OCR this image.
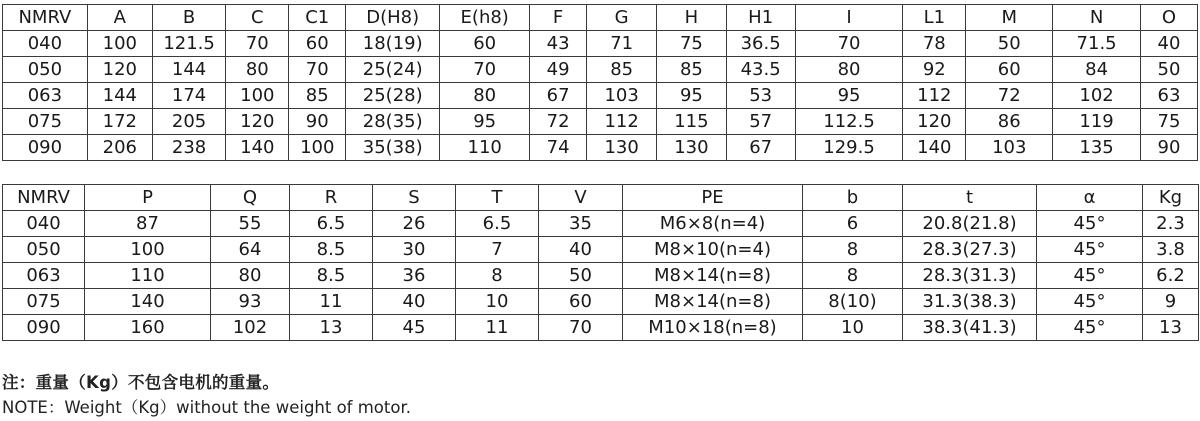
NMRV	A	B	C	C1	D(H8)	E(h8)	F	G	H	H1	I	L1	M	N	O
040	100	121.5	70	60	18(19)	60	43	71	75	36.5	70	78	50	71.5	40
050	120	144	80	70	25(24)	70	49	85	85	43.5	80	92	60	84	50
063	144	174	100	85	25(28)	80	67	103	95	53	95	112	72	102	63
075	172	205	120	90	28(35)	95	72	112	115	57	112.5	120	86	119	75
090	206	238	140	100	35(38)	110	74	130	130	67	129.5	140	103	135	90
NMRV	P	Q	R	S	T	V	PE	b	t	α	Kg
040	87	55	6.5	26	6.5	35	M6×8(n=4)	6	20.8(21.8)	45°	2.3
050	100	64	8.5	30	7	40	M8×10(n=4)	8	28.3(27.3)	45°	3.8
063	110	80	8.5	36	8	50	M8×14(n=8)	8	28.3(31.3)	45°	6.2
075	140	93	11	40	10	60	M8×14(n=8)	8(10)	31.3(38.3)	45°	9
090	160	102	13	45	11	70	M10×18(n=8)	10	38.3(41.3)	45°	13
注：重量（Kg）不包含电机的重量。
NOTE：Weight（Kg）without the weight of motor.
